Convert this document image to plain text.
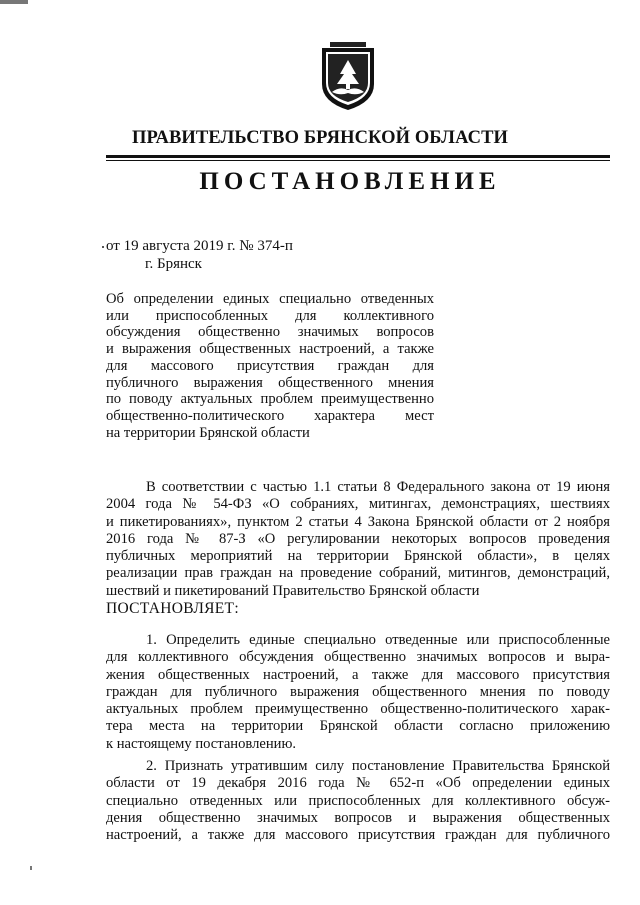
ПРАВИТЕЛЬСТВО БРЯНСКОЙ ОБЛАСТИ
ПОСТАНОВЛЕНИЕ
от 19 августа 2019 г. № 374-п
г. Брянск
Об определении единых специально отведенных
или приспособленных для коллективного
обсуждения общественно значимых вопросов
и выражения общественных настроений, а также
для массового присутствия граждан для
публичного выражения общественного мнения
по поводу актуальных проблем преимущественно
общественно-политического характера мест
на территории Брянской области
В соответствии с частью 1.1 статьи 8 Федерального закона от 19 июня
2004 года № 54-ФЗ «О собраниях, митингах, демонстрациях, шествиях
и пикетированиях», пунктом 2 статьи 4 Закона Брянской области от 2 ноября
2016 года № 87-З «О регулировании некоторых вопросов проведения
публичных мероприятий на территории Брянской области», в целях
реализации прав граждан на проведение собраний, митингов, демонстраций,
шествий и пикетирований Правительство Брянской области
ПОСТАНОВЛЯЕТ:
1. Определить единые специально отведенные или приспособленные
для коллективного обсуждения общественно значимых вопросов и выра-
жения общественных настроений, а также для массового присутствия
граждан для публичного выражения общественного мнения по поводу
актуальных проблем преимущественно общественно-политического харак-
тера места на территории Брянской области согласно приложению
к настоящему постановлению.
2. Признать утратившим силу постановление Правительства Брянской
области от 19 декабря 2016 года № 652-п «Об определении единых
специально отведенных или приспособленных для коллективного обсуж-
дения общественно значимых вопросов и выражения общественных
настроений, а также для массового присутствия граждан для публичного
